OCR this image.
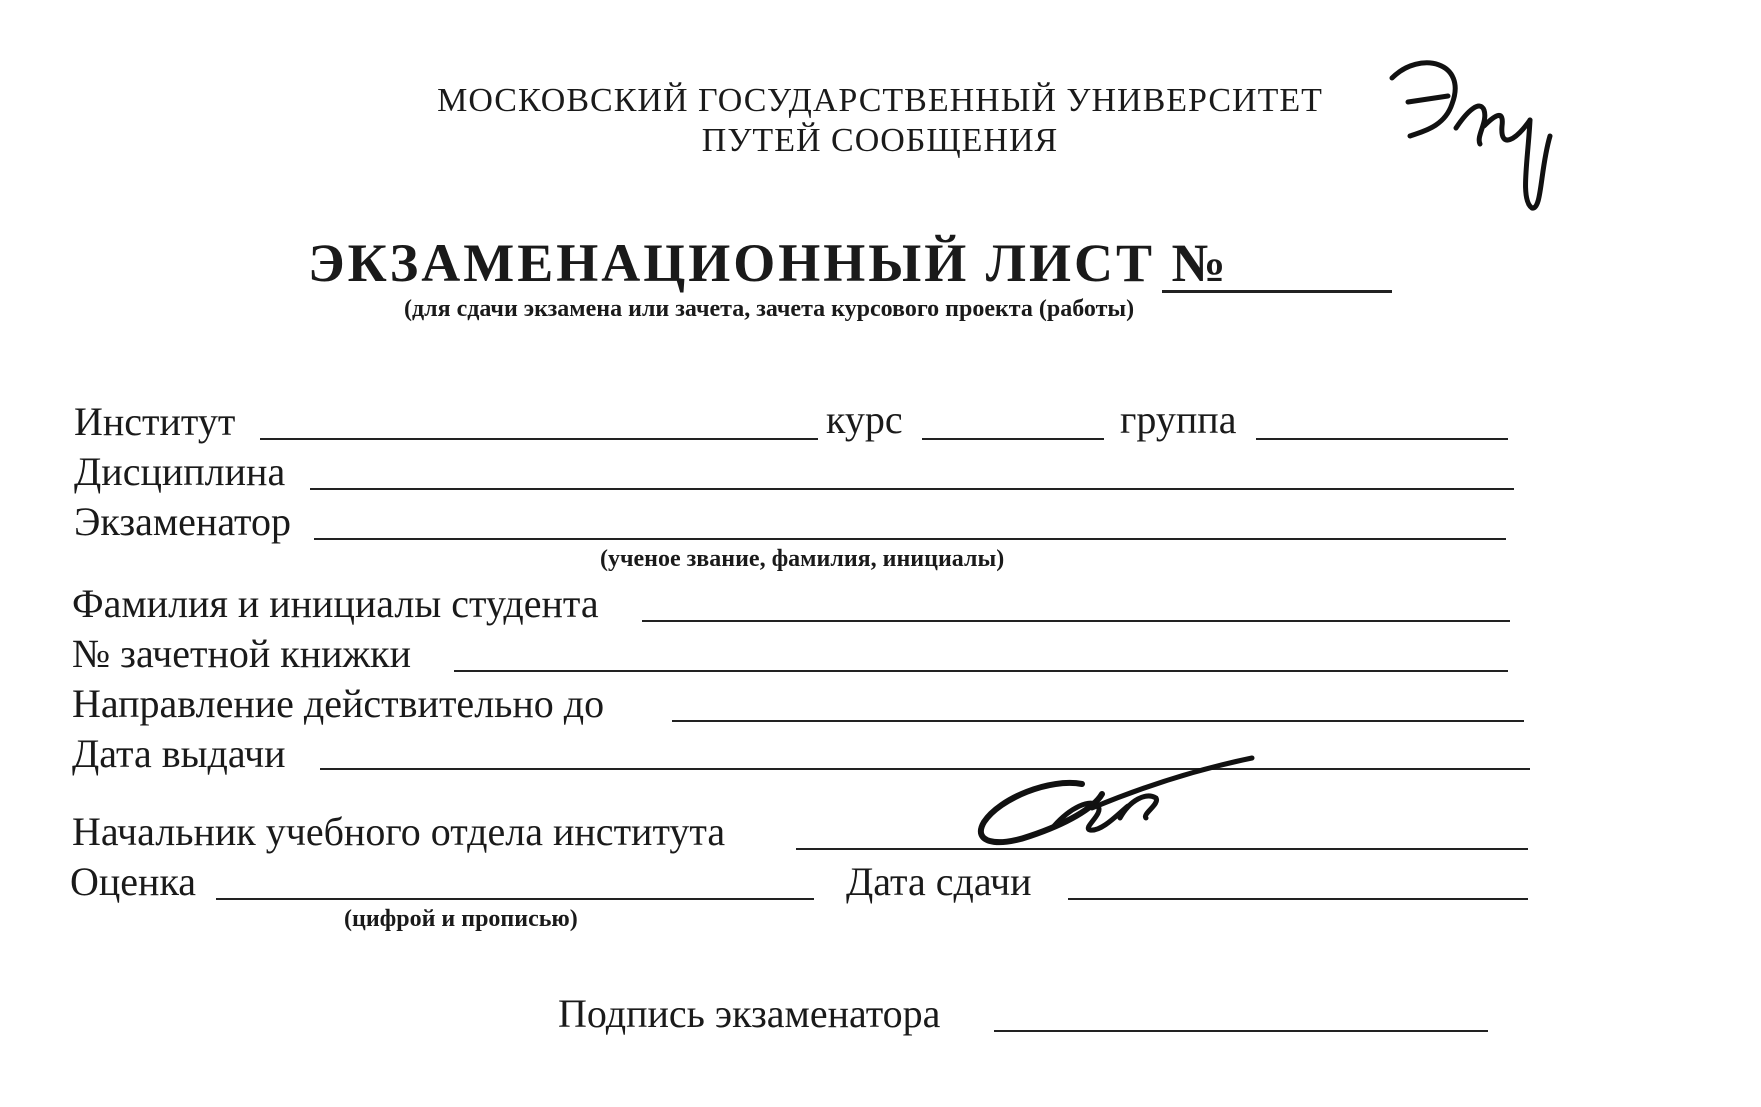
МОСКОВСКИЙ ГОСУДАРСТВЕННЫЙ УНИВЕРСИТЕТ
ПУТЕЙ СООБЩЕНИЯ
ЭКЗАМЕНАЦИОННЫЙ ЛИСТ №
(для сдачи экзамена или зачета, зачета курсового проекта (работы)
Институт	курс	группа
Дисциплина
Экзаменатор
(ученое звание, фамилия, инициалы)
Фамилия и инициалы студента
№ зачетной книжки
Направление действительно до
Дата выдачи
Начальник учебного отдела института
Оценка
(цифрой и прописью)
Дата сдачи
Подпись экзаменатора
